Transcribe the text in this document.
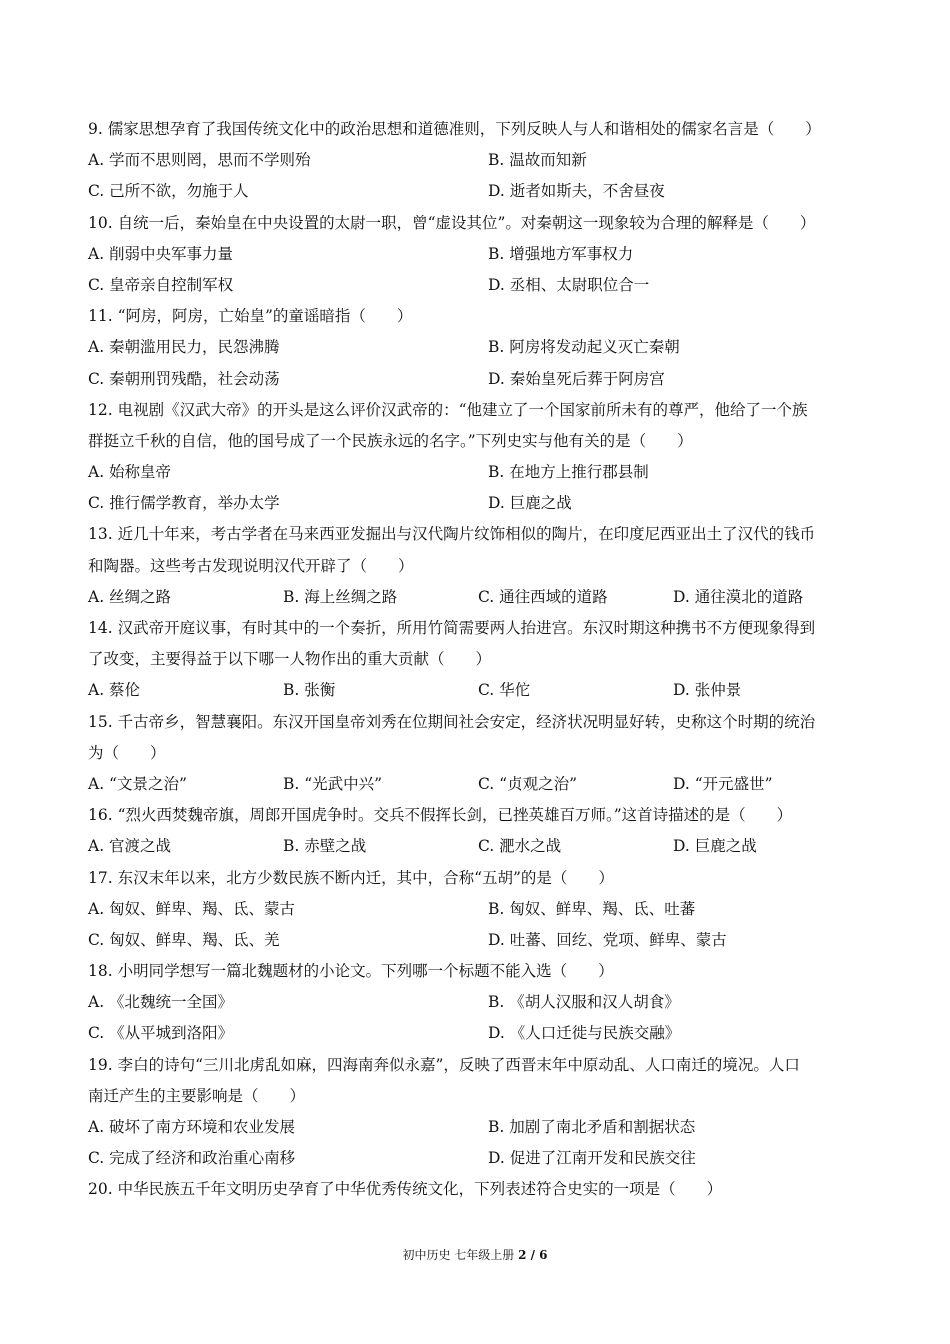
9. 儒家思想孕育了我国传统文化中的政治思想和道德准则，下列反映人与人和谐相处的儒家名言是（　　）
A. 学而不思则罔，思而不学则殆	B. 温故而知新
C. 己所不欲，勿施于人	D. 逝者如斯夫，不舍昼夜
10. 自统一后，秦始皇在中央设置的太尉一职，曾“虚设其位”。对秦朝这一现象较为合理的解释是（　　）
A. 削弱中央军事力量	B. 增强地方军事权力
C. 皇帝亲自控制军权	D. 丞相、太尉职位合一
11. “阿房，阿房，亡始皇”的童谣暗指（　　）
A. 秦朝滥用民力，民怨沸腾	B. 阿房将发动起义灭亡秦朝
C. 秦朝刑罚残酷，社会动荡	D. 秦始皇死后葬于阿房宫
12. 电视剧《汉武大帝》的开头是这么评价汉武帝的：“他建立了一个国家前所未有的尊严，他给了一个族
群挺立千秋的自信，他的国号成了一个民族永远的名字。”下列史实与他有关的是（　　）
A. 始称皇帝	B. 在地方上推行郡县制
C. 推行儒学教育，举办太学	D. 巨鹿之战
13. 近几十年来，考古学者在马来西亚发掘出与汉代陶片纹饰相似的陶片，在印度尼西亚出土了汉代的钱币
和陶器。这些考古发现说明汉代开辟了（　　）
A. 丝绸之路	B. 海上丝绸之路	C. 通往西域的道路	D. 通往漠北的道路
14. 汉武帝开庭议事，有时其中的一个奏折，所用竹简需要两人抬进宫。东汉时期这种携书不方便现象得到
了改变，主要得益于以下哪一人物作出的重大贡献（　　）
A. 蔡伦	B. 张衡	C. 华佗	D. 张仲景
15. 千古帝乡，智慧襄阳。东汉开国皇帝刘秀在位期间社会安定，经济状况明显好转，史称这个时期的统治
为（　　）
A. “文景之治”	B. “光武中兴”	C. “贞观之治”	D. “开元盛世”
16. “烈火西焚魏帝旗，周郎开国虎争时。交兵不假挥长剑，已挫英雄百万师。”这首诗描述的是（　　）
A. 官渡之战	B. 赤壁之战	C. 淝水之战	D. 巨鹿之战
17. 东汉末年以来，北方少数民族不断内迁，其中，合称“五胡”的是（　　）
A. 匈奴、鲜卑、羯、氐、蒙古	B. 匈奴、鲜卑、羯、氐、吐蕃
C. 匈奴、鲜卑、羯、氐、羌	D. 吐蕃、回纥、党项、鲜卑、蒙古
18. 小明同学想写一篇北魏题材的小论文。下列哪一个标题不能入选（　　）
A. 《北魏统一全国》	B. 《胡人汉服和汉人胡食》
C. 《从平城到洛阳》	D. 《人口迁徙与民族交融》
19. 李白的诗句“三川北虏乱如麻，四海南奔似永嘉”，反映了西晋末年中原动乱、人口南迁的境况。人口
南迁产生的主要影响是（　　）
A. 破坏了南方环境和农业发展	B. 加剧了南北矛盾和割据状态
C. 完成了经济和政治重心南移	D. 促进了江南开发和民族交往
20. 中华民族五千年文明历史孕育了中华优秀传统文化，下列表述符合史实的一项是（　　）
初中历史 七年级上册 2 / 6
